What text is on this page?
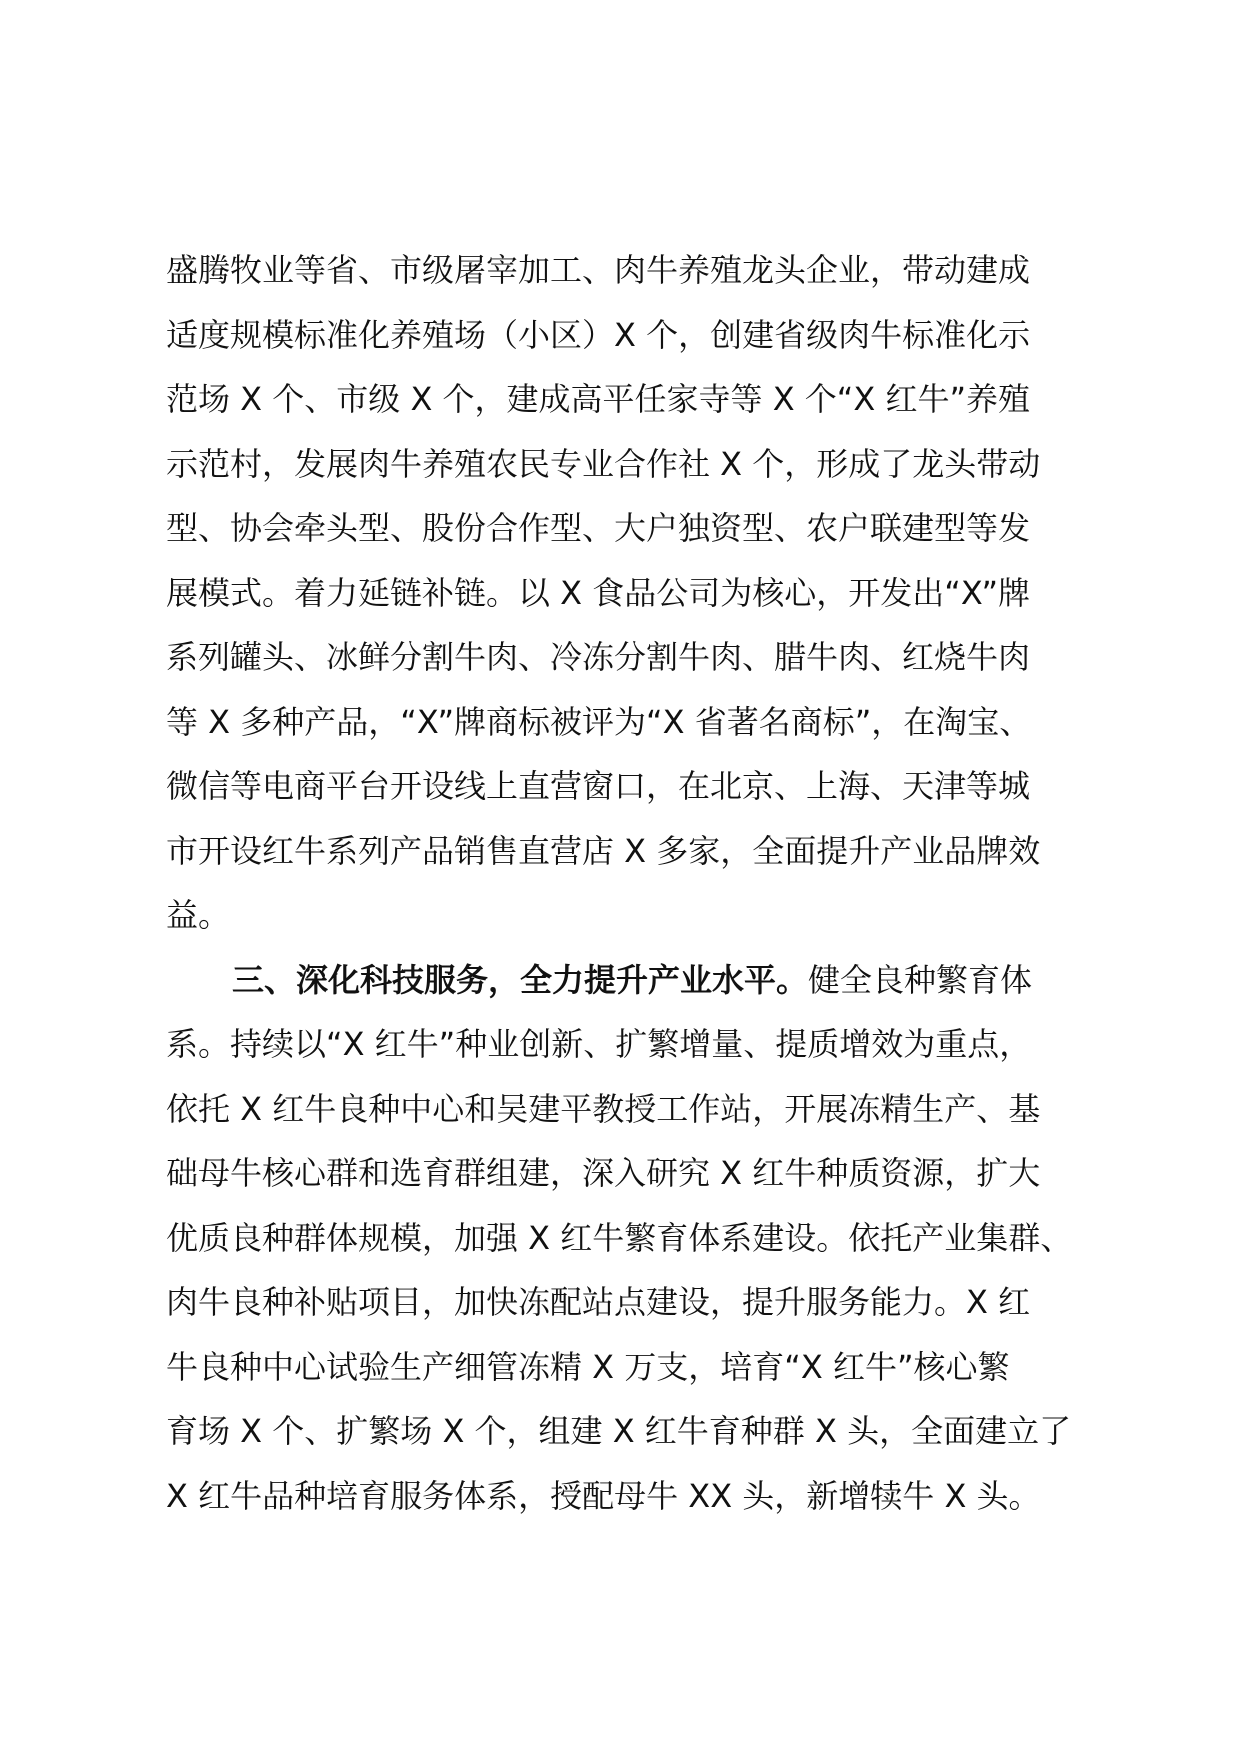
盛腾牧业等省、市级屠宰加工、肉牛养殖龙头企业，带动建成
适度规模标准化养殖场（小区）X 个，创建省级肉牛标准化示
范场 X 个、市级 X 个，建成高平任家寺等 X 个“X 红牛”养殖
示范村，发展肉牛养殖农民专业合作社 X 个，形成了龙头带动
型、协会牵头型、股份合作型、大户独资型、农户联建型等发
展模式。着力延链补链。以 X 食品公司为核心，开发出“X”牌
系列罐头、冰鲜分割牛肉、冷冻分割牛肉、腊牛肉、红烧牛肉
等 X 多种产品，“X”牌商标被评为“X 省著名商标”，在淘宝、
微信等电商平台开设线上直营窗口，在北京、上海、天津等城
市开设红牛系列产品销售直营店 X 多家，全面提升产业品牌效
益。
三、深化科技服务，全力提升产业水平。健全良种繁育体
系。持续以“X 红牛”种业创新、扩繁增量、提质增效为重点，
依托 X 红牛良种中心和吴建平教授工作站，开展冻精生产、基
础母牛核心群和选育群组建，深入研究 X 红牛种质资源，扩大
优质良种群体规模，加强 X 红牛繁育体系建设。依托产业集群、
肉牛良种补贴项目，加快冻配站点建设，提升服务能力。X 红
牛良种中心试验生产细管冻精 X 万支，培育“X 红牛”核心繁
育场 X 个、扩繁场 X 个，组建 X 红牛育种群 X 头，全面建立了
X 红牛品种培育服务体系，授配母牛 XX 头，新增犊牛 X 头。
